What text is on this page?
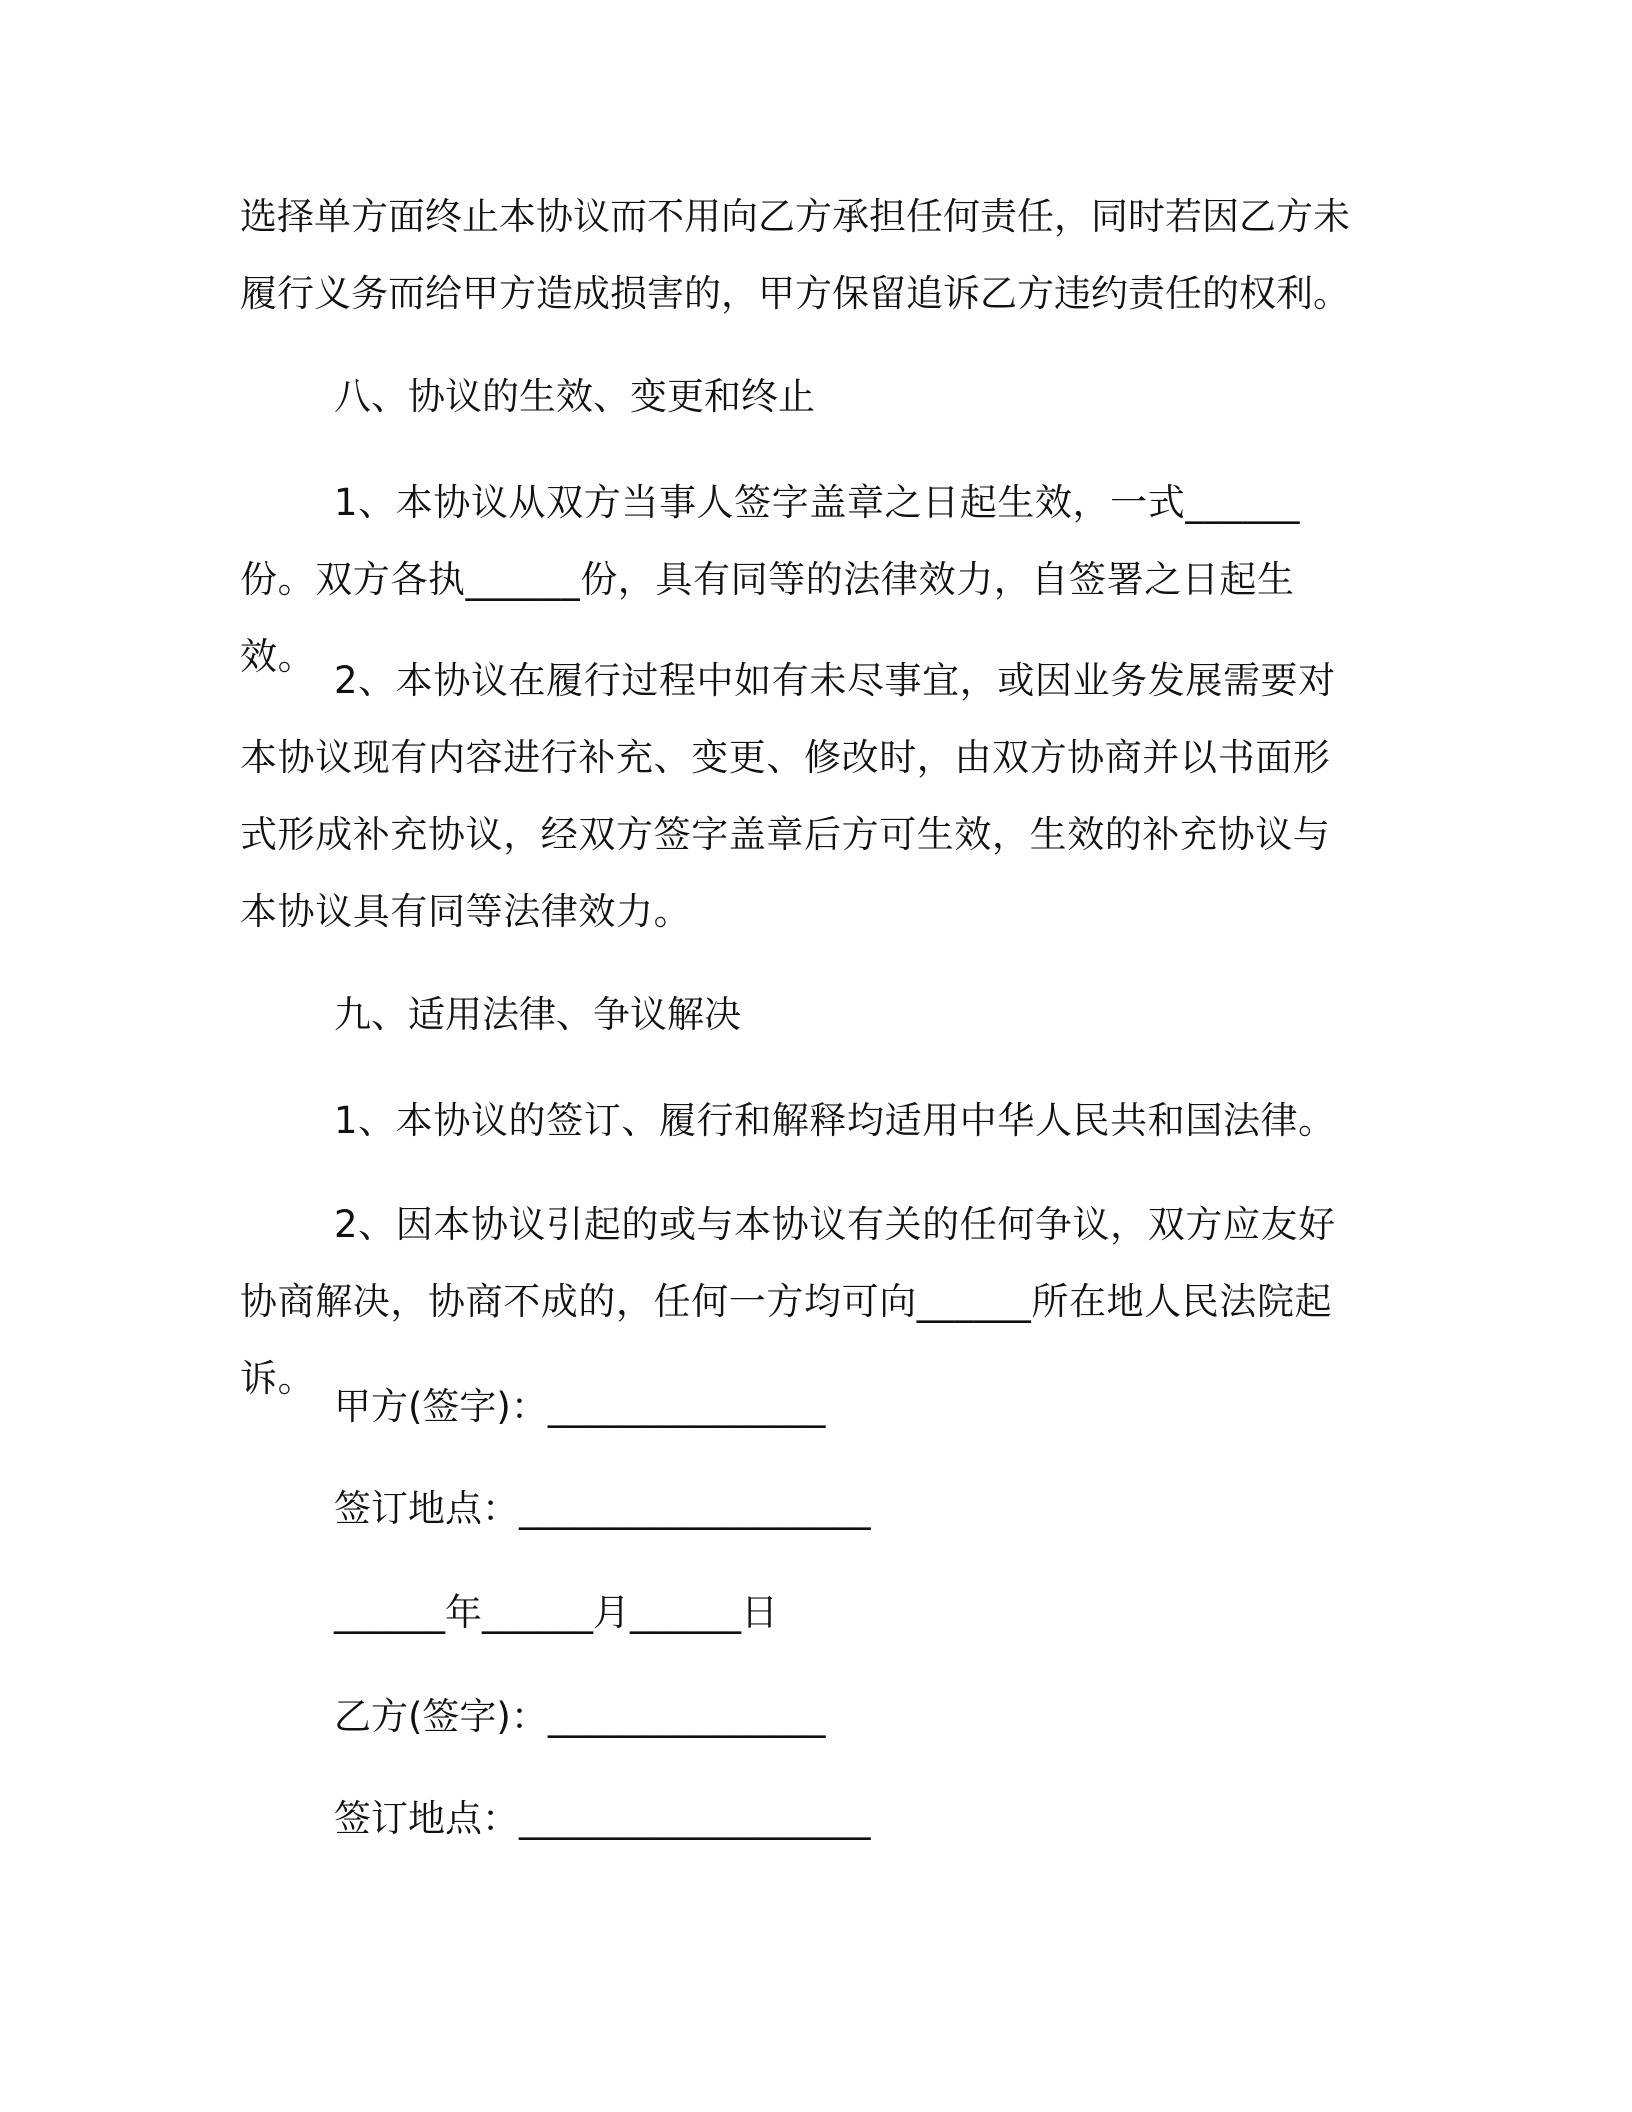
选择单方面终止本协议而不用向乙方承担任何责任，同时若因乙方未履行义务而给甲方造成损害的，甲方保留追诉乙方违约责任的权利。
八、协议的生效、变更和终止
1、本协议从双方当事人签字盖章之日起生效，一式______份。双方各执______份，具有同等的法律效力，自签署之日起生效。
2、本协议在履行过程中如有未尽事宜，或因业务发展需要对本协议现有内容进行补充、变更、修改时，由双方协商并以书面形式形成补充协议，经双方签字盖章后方可生效，生效的补充协议与本协议具有同等法律效力。
九、适用法律、争议解决
1、本协议的签订、履行和解释均适用中华人民共和国法律。
2、因本协议引起的或与本协议有关的任何争议，双方应友好协商解决，协商不成的，任何一方均可向______所在地人民法院起诉。
甲方(签字)：_______________
签订地点：___________________
______年______月______日
乙方(签字)：_______________
签订地点：___________________
